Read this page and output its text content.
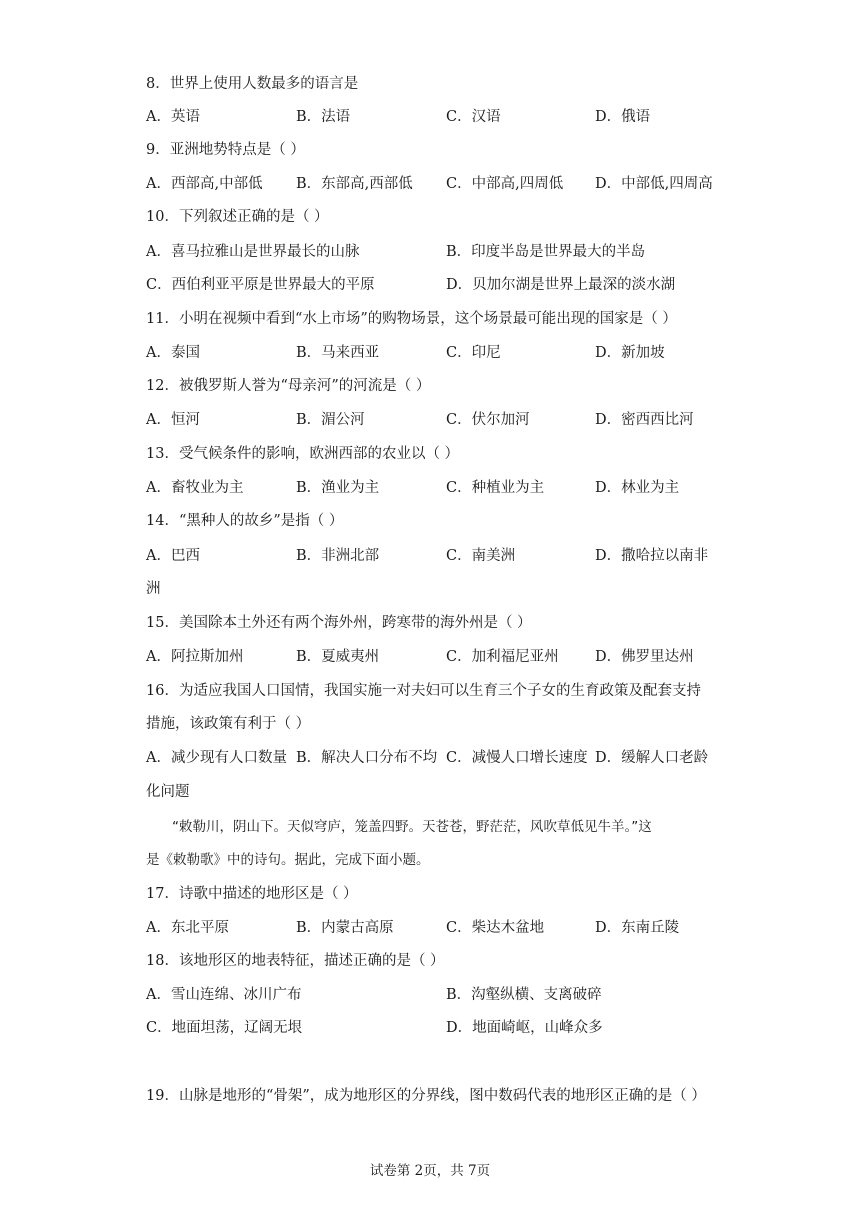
8．世界上使用人数最多的语言是
A．英语	B．法语	C．汉语	D．俄语
9．亚洲地势特点是（ ）
A．西部高,中部低 B．东部高,西部低 C．中部高,四周低 D．中部低,四周高
10．下列叙述正确的是（ ）
A．喜马拉雅山是世界最长的山脉	B．印度半岛是世界最大的半岛
C．西伯利亚平原是世界最大的平原	D．贝加尔湖是世界上最深的淡水湖
11．小明在视频中看到“水上市场”的购物场景，这个场景最可能出现的国家是（ ）
A．泰国	B．马来西亚	C．印尼	D．新加坡
12．被俄罗斯人誉为“母亲河”的河流是（ ）
A．恒河	B．湄公河	C．伏尔加河	D．密西西比河
13．受气候条件的影响，欧洲西部的农业以（ ）
A．畜牧业为主	B．渔业为主	C．种植业为主	D．林业为主
14．“黑种人的故乡”是指（ ）
A．巴西	B．非洲北部	C．南美洲	D．撒哈拉以南非
洲
15．美国除本土外还有两个海外州，跨寒带的海外州是（ ）
A．阿拉斯加州	B．夏威夷州	C．加利福尼亚州	D．佛罗里达州
16．为适应我国人口国情，我国实施一对夫妇可以生育三个子女的生育政策及配套支持
措施，该政策有利于（ ）
A．减少现有人口数量 B．解决人口分布不均 C．减慢人口增长速度 D．缓解人口老龄
化问题
“敕勒川，阴山下。天似穹庐，笼盖四野。天苍苍，野茫茫，风吹草低见牛羊。”这
是《敕勒歌》中的诗句。据此，完成下面小题。
17．诗歌中描述的地形区是（ ）
A．东北平原	B．内蒙古高原	C．柴达木盆地	D．东南丘陵
18．该地形区的地表特征，描述正确的是（ ）
A．雪山连绵、冰川广布	B．沟壑纵横、支离破碎
C．地面坦荡，辽阔无垠	D．地面崎岖，山峰众多
19．山脉是地形的“骨架”，成为地形区的分界线，图中数码代表的地形区正确的是（ ）
试卷第 2页，共 7页
